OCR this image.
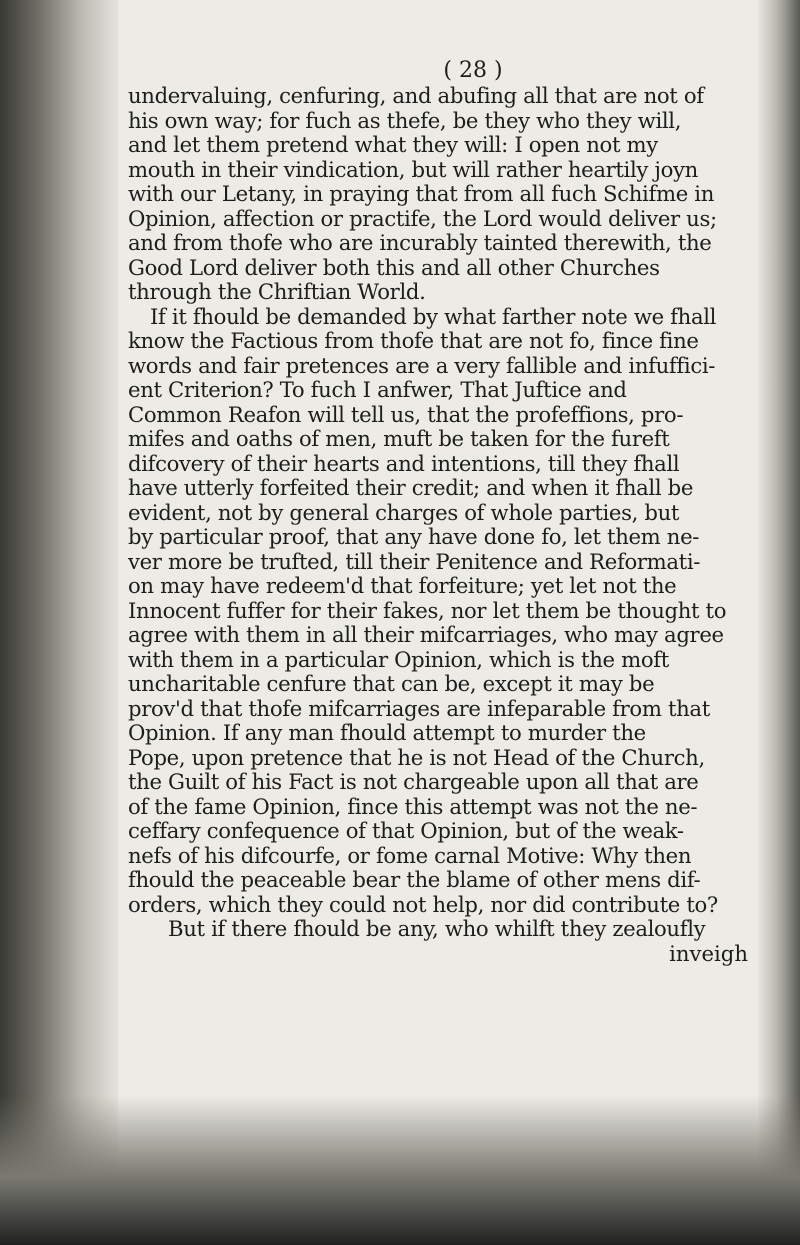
( 28 )
undervaluing, cenfuring, and abufing all that are not of
his own way; for fuch as thefe, be they who they will,
and let them pretend what they will: I open not my
mouth in their vindication, but will rather heartily joyn
with our Letany, in praying that from all fuch Schifme in
Opinion, affection or practife, the Lord would deliver us;
and from thofe who are incurably tainted therewith, the
Good Lord deliver both this and all other Churches
through the Chriftian World.
If it fhould be demanded by what farther note we fhall
know the Factious from thofe that are not fo, fince fine
words and fair pretences are a very fallible and infuffici-
ent Criterion? To fuch I anfwer, That Juftice and
Common Reafon will tell us, that the profeffions, pro-
mifes and oaths of men, muft be taken for the fureft
difcovery of their hearts and intentions, till they fhall
have utterly forfeited their credit; and when it fhall be
evident, not by general charges of whole parties, but
by particular proof, that any have done fo, let them ne-
ver more be trufted, till their Penitence and Reformati-
on may have redeem'd that forfeiture; yet let not the
Innocent fuffer for their fakes, nor let them be thought to
agree with them in all their mifcarriages, who may agree
with them in a particular Opinion, which is the moft
uncharitable cenfure that can be, except it may be
prov'd that thofe mifcarriages are infeparable from that
Opinion. If any man fhould attempt to murder the
Pope, upon pretence that he is not Head of the Church,
the Guilt of his Fact is not chargeable upon all that are
of the fame Opinion, fince this attempt was not the ne-
ceffary confequence of that Opinion, but of the weak-
nefs of his difcourfe, or fome carnal Motive: Why then
fhould the peaceable bear the blame of other mens dif-
orders, which they could not help, nor did contribute to?
But if there fhould be any, who whilft they zealoufly
inveigh
